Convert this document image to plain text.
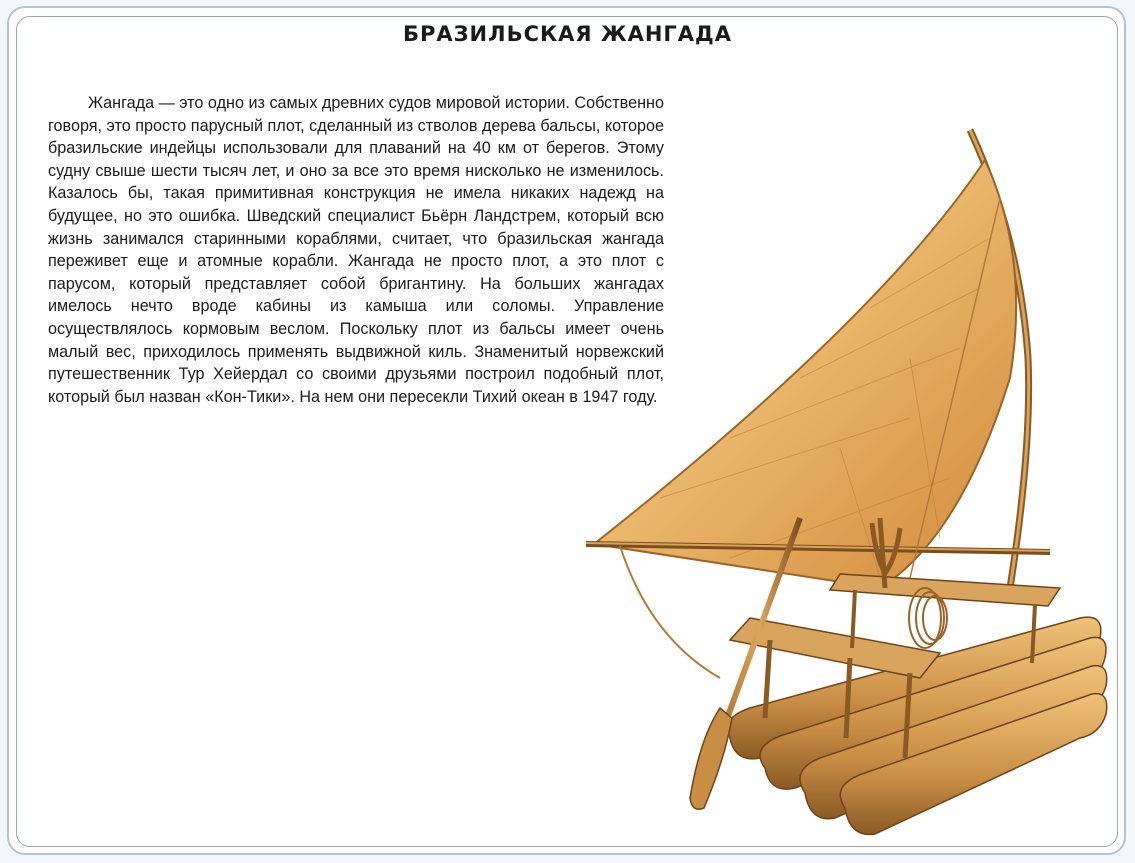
БРАЗИЛЬСКАЯ ЖАНГАДА

Жангада — это одно из самых древних судов мировой истории. Собственно говоря, это просто парусный плот, сделанный из стволов дерева бальсы, которое бразильские индейцы использовали для плаваний на 40 км от берегов. Этому судну свыше шести тысяч лет, и оно за все это время нисколько не изменилось. Казалось бы, такая примитивная конструкция не имела никаких надежд на будущее, но это ошибка. Шведский специалист Бьёрн Ландстрем, который всю жизнь занимался старинными кораблями, считает, что бразильская жангада переживет еще и атомные корабли. Жангада не просто плот, а это плот с парусом, который представляет собой бригантину. На больших жангадах имелось нечто вроде кабины из камыша или соломы. Управление осуществлялось кормовым веслом. Поскольку плот из бальсы имеет очень малый вес, приходилось применять выдвижной киль. Знаменитый норвежский путешественник Тур Хейердал со своими друзьями построил подобный плот, который был назван «Кон-Тики». На нем они пересекли Тихий океан в 1947 году.
